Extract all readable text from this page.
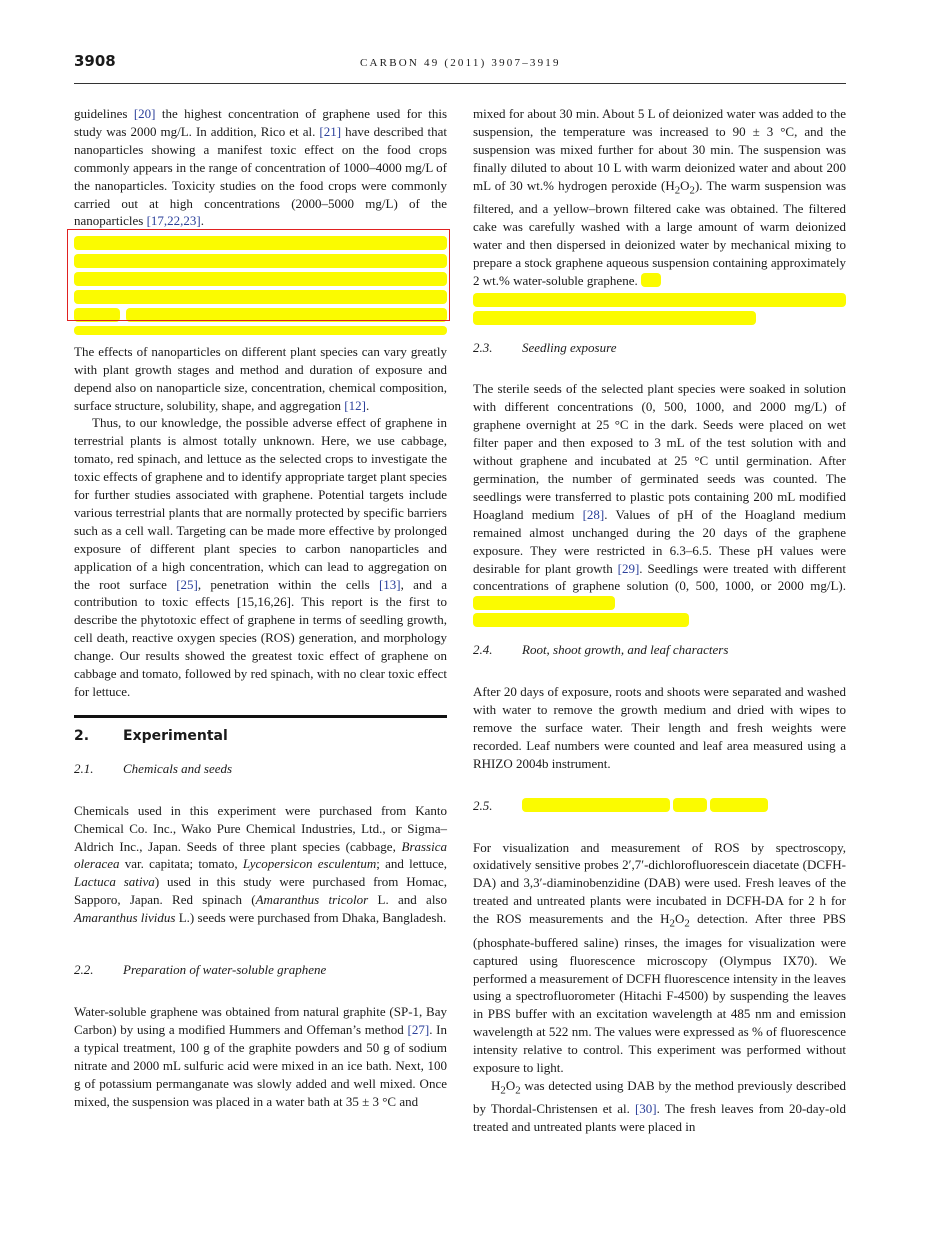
3908	CARBON 49 (2011) 3907–3919

guidelines [20] the highest concentration of graphene used for this study was 2000 mg/L. In addition, Rico et al. [21] have described that nanoparticles showing a manifest toxic effect on the food crops commonly appears in the range of concentration of 1000–4000 mg/L of the nanoparticles. Toxicity studies on the food crops were commonly carried out at high concentrations (2000–5000 mg/L) of the nanoparticles [17,22,23].

The effects of nanoparticles on different plant species can vary greatly with plant growth stages and method and duration of exposure and depend also on nanoparticle size, concentration, chemical composition, surface structure, solubility, shape, and aggregation [12].

Thus, to our knowledge, the possible adverse effect of graphene in terrestrial plants is almost totally unknown. Here, we use cabbage, tomato, red spinach, and lettuce as the selected crops to investigate the toxic effects of graphene and to identify appropriate target plant species for further studies associated with graphene. Potential targets include various terrestrial plants that are normally protected by specific barriers such as a cell wall. Targeting can be made more effective by prolonged exposure of different plant species to carbon nanoparticles and application of a high concentration, which can lead to aggregation on the root surface [25], penetration within the cells [13], and a contribution to toxic effects [15,16,26]. This report is the first to describe the phytotoxic effect of graphene in terms of seedling growth, cell death, reactive oxygen species (ROS) generation, and morphology change. Our results showed the greatest toxic effect of graphene on cabbage and tomato, followed by red spinach, with no clear toxic effect for lettuce.

2. Experimental
2.1. Chemicals and seeds

Chemicals used in this experiment were purchased from Kanto Chemical Co. Inc., Wako Pure Chemical Industries, Ltd., or Sigma–Aldrich Inc., Japan. Seeds of three plant species (cabbage, Brassica oleracea var. capitata; tomato, Lycopersicon esculentum; and lettuce, Lactuca sativa) used in this study were purchased from Homac, Sapporo, Japan. Red spinach (Amaranthus tricolor L. and also Amaranthus lividus L.) seeds were purchased from Dhaka, Bangladesh.

2.2. Preparation of water-soluble graphene

Water-soluble graphene was obtained from natural graphite (SP-1, Bay Carbon) by using a modified Hummers and Offeman’s method [27]. In a typical treatment, 100 g of the graphite powders and 50 g of sodium nitrate and 2000 mL sulfuric acid were mixed in an ice bath. Next, 100 g of potassium permanganate was slowly added and well mixed. Once mixed, the suspension was placed in a water bath at 35 ± 3 °C and

mixed for about 30 min. About 5 L of deionized water was added to the suspension, the temperature was increased to 90 ± 3 °C, and the suspension was mixed further for about 30 min. The suspension was finally diluted to about 10 L with warm deionized water and about 200 mL of 30 wt.% hydrogen peroxide $(H_2O_2)$. The warm suspension was filtered, and a yellow–brown filtered cake was obtained. The filtered cake was carefully washed with a large amount of warm deionized water and then dispersed in deionized water by mechanical mixing to prepare a stock graphene aqueous suspension containing approximately 2 wt.% water-soluble graphene.

2.3. Seedling exposure

The sterile seeds of the selected plant species were soaked in solution with different concentrations (0, 500, 1000, and 2000 mg/L) of graphene overnight at 25 °C in the dark. Seeds were placed on wet filter paper and then exposed to 3 mL of the test solution with and without graphene and incubated at 25 °C until germination. After germination, the number of germinated seeds was counted. The seedlings were transferred to plastic pots containing 200 mL modified Hoagland medium [28]. Values of pH of the Hoagland medium remained almost unchanged during the 20 days of the graphene exposure. They were restricted in 6.3–6.5. These pH values were desirable for plant growth [29]. Seedlings were treated with different concentrations of graphene solution (0, 500, 1000, or 2000 mg/L).

2.4. Root, shoot growth, and leaf characters

After 20 days of exposure, roots and shoots were separated and washed with water to remove the growth medium and dried with wipes to remove the surface water. Their length and fresh weights were recorded. Leaf numbers were counted and leaf area measured using a RHIZO 2004b instrument.

2.5.

For visualization and measurement of ROS by spectroscopy, oxidatively sensitive probes 2′,7′-dichlorofluorescein diacetate (DCFH-DA) and 3,3′-diaminobenzidine (DAB) were used. Fresh leaves of the treated and untreated plants were incubated in DCFH-DA for 2 h for the ROS measurements and the $H_2O_2$ detection. After three PBS (phosphate-buffered saline) rinses, the images for visualization were captured using fluorescence microscopy (Olympus IX70). We performed a measurement of DCFH fluorescence intensity in the leaves using a spectrofluorometer (Hitachi F-4500) by suspending the leaves in PBS buffer with an excitation wavelength at 485 nm and emission wavelength at 522 nm. The values were expressed as % of fluorescence intensity relative to control. This experiment was performed without exposure to light.

$H_2O_2$ was detected using DAB by the method previously described by Thordal-Christensen et al. [30]. The fresh leaves from 20-day-old treated and untreated plants were placed in
